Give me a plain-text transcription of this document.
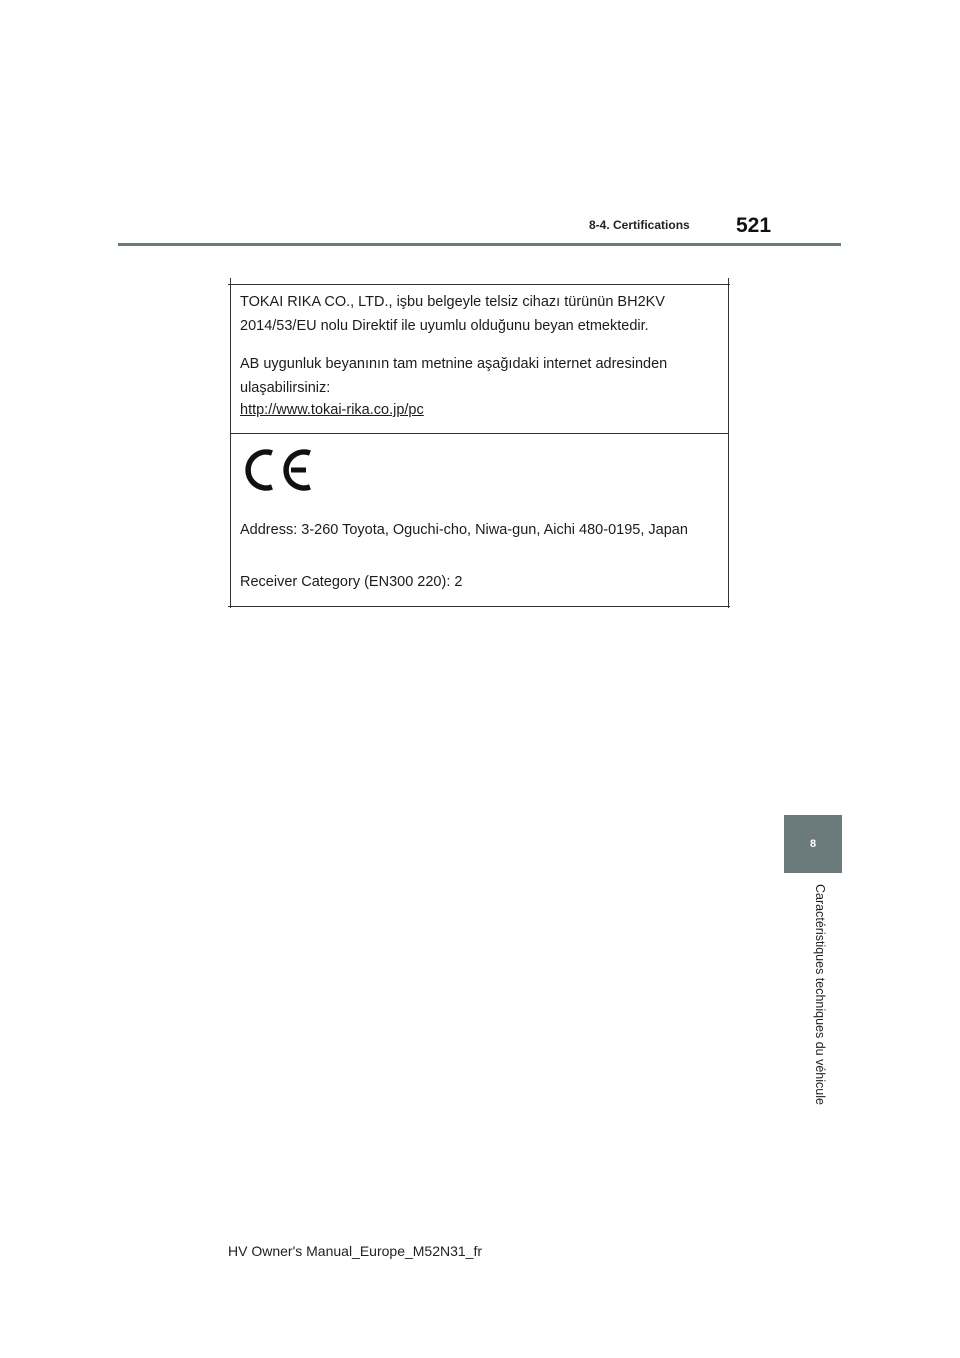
8-4. Certifications 521
TOKAI RIKA CO., LTD., işbu belgeyle telsiz cihazı türünün BH2KV
2014/53/EU nolu Direktif ile uyumlu olduğunu beyan etmektedir.
AB uygunluk beyanının tam metnine aşağıdaki internet adresinden
ulaşabilirsiniz:
http://www.tokai-rika.co.jp/pc
Address: 3-260 Toyota, Oguchi-cho, Niwa-gun, Aichi 480-0195, Japan
Receiver Category (EN300 220): 2
8
Caractéristiques techniques du véhicule
HV Owner's Manual_Europe_M52N31_fr
